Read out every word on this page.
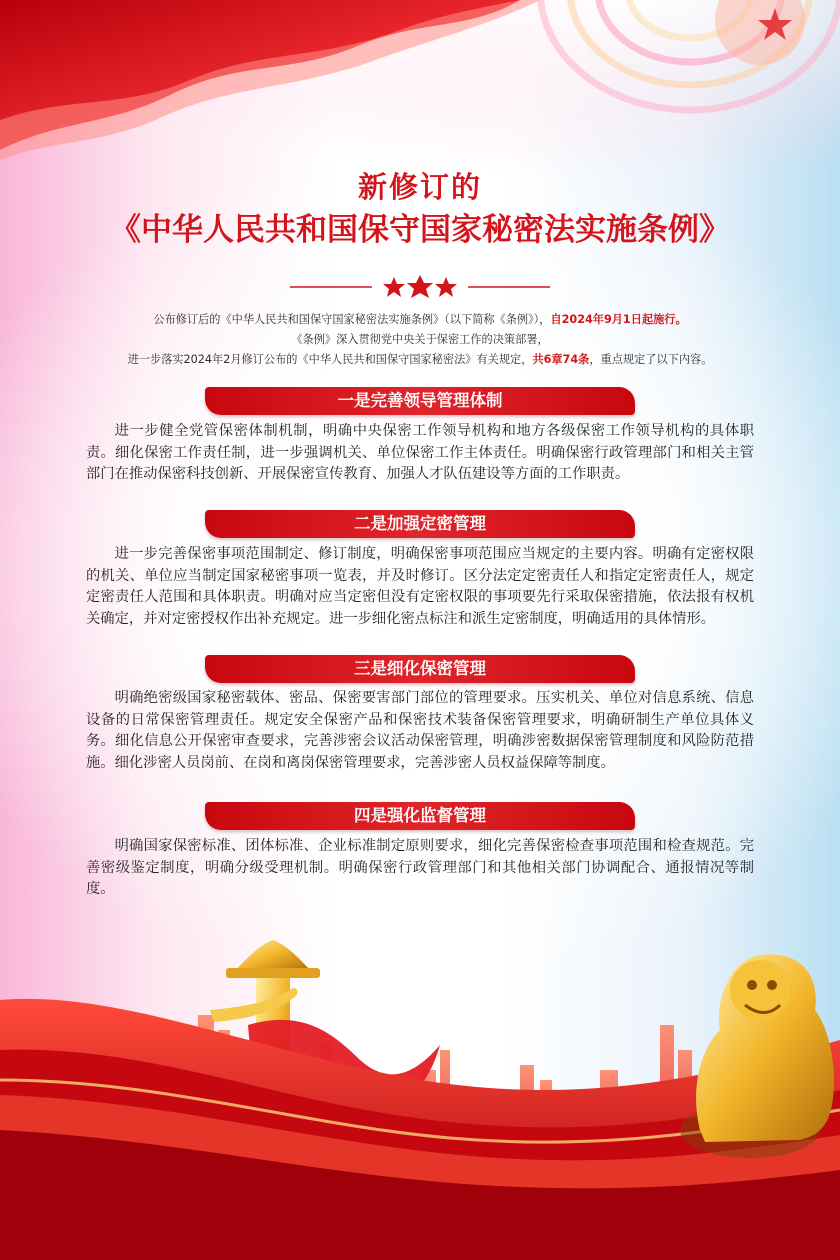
新修订的
《中华人民共和国保守国家秘密法实施条例》
公布修订后的《中华人民共和国保守国家秘密法实施条例》（以下简称《条例》），自2024年9月1日起施行。
《条例》深入贯彻党中央关于保密工作的决策部署，
进一步落实2024年2月修订公布的《中华人民共和国保守国家秘密法》有关规定，共6章74条，重点规定了以下内容。
一是完善领导管理体制
进一步健全党管保密体制机制，明确中央保密工作领导机构和地方各级保密工作领导机构的具体职责。细化保密工作责任制，进一步强调机关、单位保密工作主体责任。明确保密行政管理部门和相关主管部门在推动保密科技创新、开展保密宣传教育、加强人才队伍建设等方面的工作职责。
二是加强定密管理
进一步完善保密事项范围制定、修订制度，明确保密事项范围应当规定的主要内容。明确有定密权限的机关、单位应当制定国家秘密事项一览表，并及时修订。区分法定定密责任人和指定定密责任人，规定定密责任人范围和具体职责。明确对应当定密但没有定密权限的事项要先行采取保密措施，依法报有权机关确定，并对定密授权作出补充规定。进一步细化密点标注和派生定密制度，明确适用的具体情形。
三是细化保密管理
明确绝密级国家秘密载体、密品、保密要害部门部位的管理要求。压实机关、单位对信息系统、信息设备的日常保密管理责任。规定安全保密产品和保密技术装备保密管理要求，明确研制生产单位具体义务。细化信息公开保密审查要求，完善涉密会议活动保密管理，明确涉密数据保密管理制度和风险防范措施。细化涉密人员岗前、在岗和离岗保密管理要求，完善涉密人员权益保障等制度。
四是强化监督管理
明确国家保密标准、团体标准、企业标准制定原则要求，细化完善保密检查事项范围和检查规范。完善密级鉴定制度，明确分级受理机制。明确保密行政管理部门和其他相关部门协调配合、通报情况等制度。
